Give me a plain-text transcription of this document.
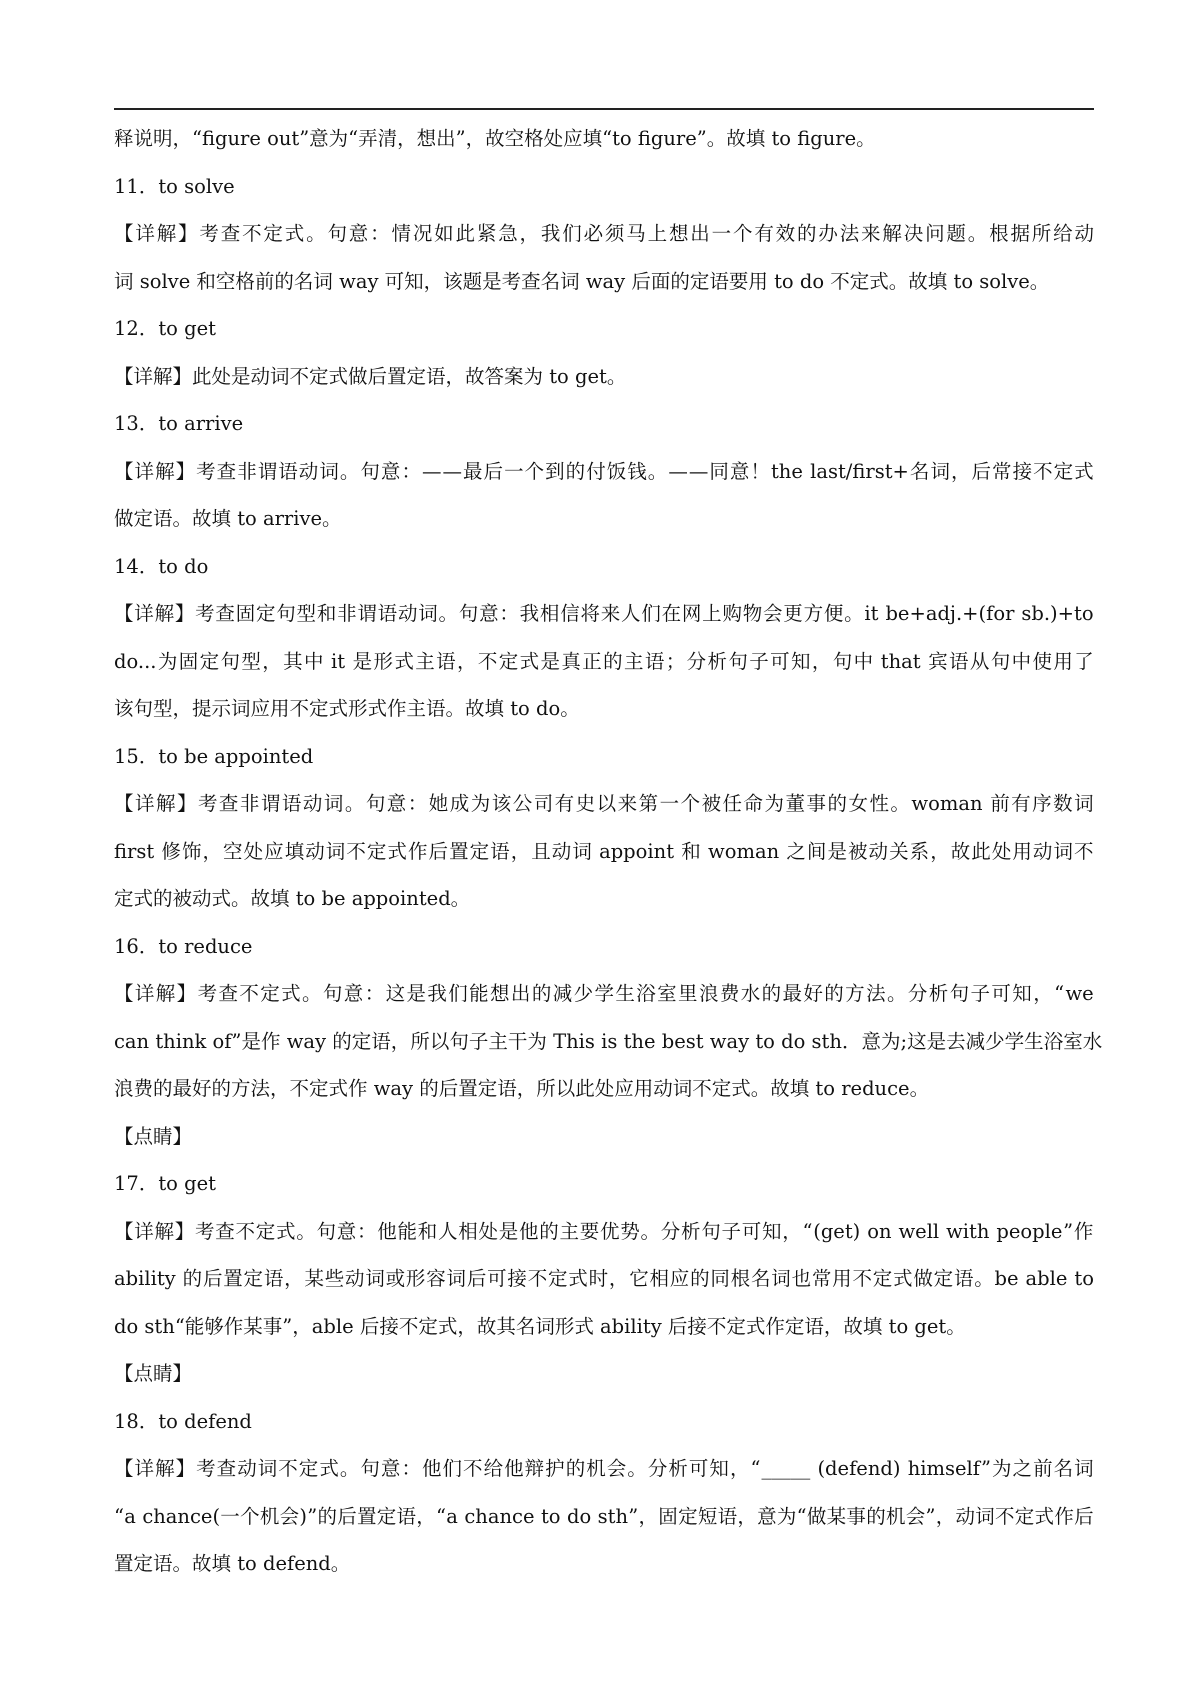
释说明，“figure out”意为“弄清，想出”，故空格处应填“to figure”。故填 to figure。
11．to solve
【 详 解 】 考 查 不 定 式 。 句 意 ： 情 况 如 此 紧 急 ， 我 们 必 须 马 上 想 出 一 个 有 效 的 办 法 来 解 决 问 题 。 根 据 所 给 动
词 solve 和空格前的名词 way 可知，该题是考查名词 way 后面的定语要用 to do 不定式。故填 to solve。
12．to get
【详解】此处是动词不定式做后置定语，故答案为 to get。
13．to arrive
【 详 解 】 考 查 非 谓 语 动 词 。 句 意 ： — — 最 后 一 个 到 的 付 饭 钱 。 — — 同 意 ！ the last/first+ 名 词 ， 后 常 接 不 定 式
做定语。故填 to arrive。
14．to do
【 详 解 】 考 查 固 定 句 型 和 非 谓 语 动 词 。 句 意 ： 我 相 信 将 来 人 们 在 网 上 购 物 会 更 方 便 。 it be+adj.+(for sb.)+to
do... 为 固 定 句 型 ， 其 中 it 是 形 式 主 语 ， 不 定 式 是 真 正 的 主 语 ； 分 析 句 子 可 知 ， 句 中 that 宾 语 从 句 中 使 用 了
该句型，提示词应用不定式形式作主语。故填 to do。
15．to be appointed
【 详 解 】 考 查 非 谓 语 动 词 。 句 意 ： 她 成 为 该 公 司 有 史 以 来 第 一 个 被 任 命 为 董 事 的 女 性 。 woman 前 有 序 数 词
first 修 饰 ， 空 处 应 填 动 词 不 定 式 作 后 置 定 语 ， 且 动 词 appoint 和 woman 之 间 是 被 动 关 系 ， 故 此 处 用 动 词 不
定式的被动式。故填 to be appointed。
16．to reduce
【 详 解 】 考 查 不 定 式 。 句 意 ： 这 是 我 们 能 想 出 的 减 少 学 生 浴 室 里 浪 费 水 的 最 好 的 方 法 。 分 析 句 子 可 知 ， “ we
can think of ” 是 作 way 的 定 语 ， 所 以 句 子 主 干 为 This is the best way to do sth ． 意 为 ; 这 是 去 减 少 学 生 浴 室 水
浪费的最好的方法，不定式作 way 的后置定语，所以此处应用动词不定式。故填 to reduce。
【点睛】
17．to get
【 详 解 】 考 查 不 定 式 。 句 意 ： 他 能 和 人 相 处 是 他 的 主 要 优 势 。 分 析 句 子 可 知 ， “ (get) on well with people ” 作
ability 的 后 置 定 语 ， 某 些 动 词 或 形 容 词 后 可 接 不 定 式 时 ， 它 相 应 的 同 根 名 词 也 常 用 不 定 式 做 定 语 。 be able to
do sth“能够作某事”，able 后接不定式，故其名词形式 ability 后接不定式作定语，故填 to get。
【点睛】
18．to defend
【 详 解 】 考 查 动 词 不 定 式 。 句 意 ： 他 们 不 给 他 辩 护 的 机 会 。 分 析 可 知 ， “ _____ (defend) himself ” 为 之 前 名 词
“ a chance( 一 个 机 会 ) ” 的 后 置 定 语 ， “ a chance to do sth ” ， 固 定 短 语 ， 意 为 “ 做 某 事 的 机 会 ” ， 动 词 不 定 式 作 后
置定语。故填 to defend。
